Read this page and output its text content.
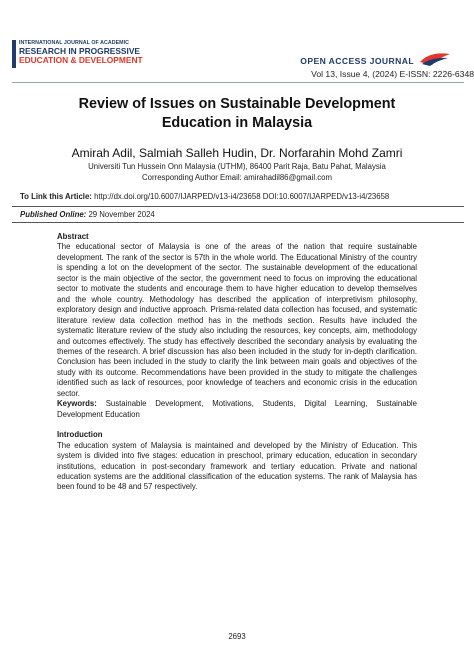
INTERNATIONAL JOURNAL OF ACADEMIC
RESEARCH IN PROGRESSIVE
EDUCATION & DEVELOPMENT	OPEN ACCESS JOURNAL
Vol 13, Issue 4, (2024) E-ISSN: 2226-6348
Review of Issues on Sustainable Development
Education in Malaysia
Amirah Adil, Salmiah Salleh Hudin, Dr. Norfarahin Mohd Zamri
Universiti Tun Hussein Onn Malaysia (UTHM), 86400 Parit Raja, Batu Pahat, Malaysia
Corresponding Author Email: amirahadil86@gmail.com
To Link this Article: http://dx.doi.org/10.6007/IJARPED/v13-i4/23658 DOI:10.6007/IJARPED/v13-i4/23658
Published Online: 29 November 2024

Abstract

The educational sector of Malaysia is one of the areas of the nation that require sustainable development. The rank of the sector is 57th in the whole world. The Educational Ministry of the country is spending a lot on the development of the sector. The sustainable development of the educational sector is the main objective of the sector, the government need to focus on improving the educational sector to motivate the students and encourage them to have higher education to develop themselves and the whole country. Methodology has described the application of interpretivism philosophy, exploratory design and inductive approach. Prisma-related data collection has focused, and systematic literature review data collection method has in the methods section. Results have included the systematic literature review of the study also including the resources, key concepts, aim, methodology and outcomes effectively. The study has effectively described the secondary analysis by evaluating the themes of the research. A brief discussion has also been included in the study for in-depth clarification. Conclusion has been included in the study to clarify the link between main goals and objectives of the study with its outcome. Recommendations have been provided in the study to mitigate the challenges identified such as lack of resources, poor knowledge of teachers and economic crisis in the education sector.

Keywords: Sustainable Development, Motivations, Students, Digital Learning, Sustainable Development Education

Introduction

The education system of Malaysia is maintained and developed by the Ministry of Education. This system is divided into five stages: education in preschool, primary education, education in secondary institutions, education in post-secondary framework and tertiary education. Private and national education systems are the additional classification of the education systems. The rank of Malaysia has been found to be 48 and 57 respectively.

2693
